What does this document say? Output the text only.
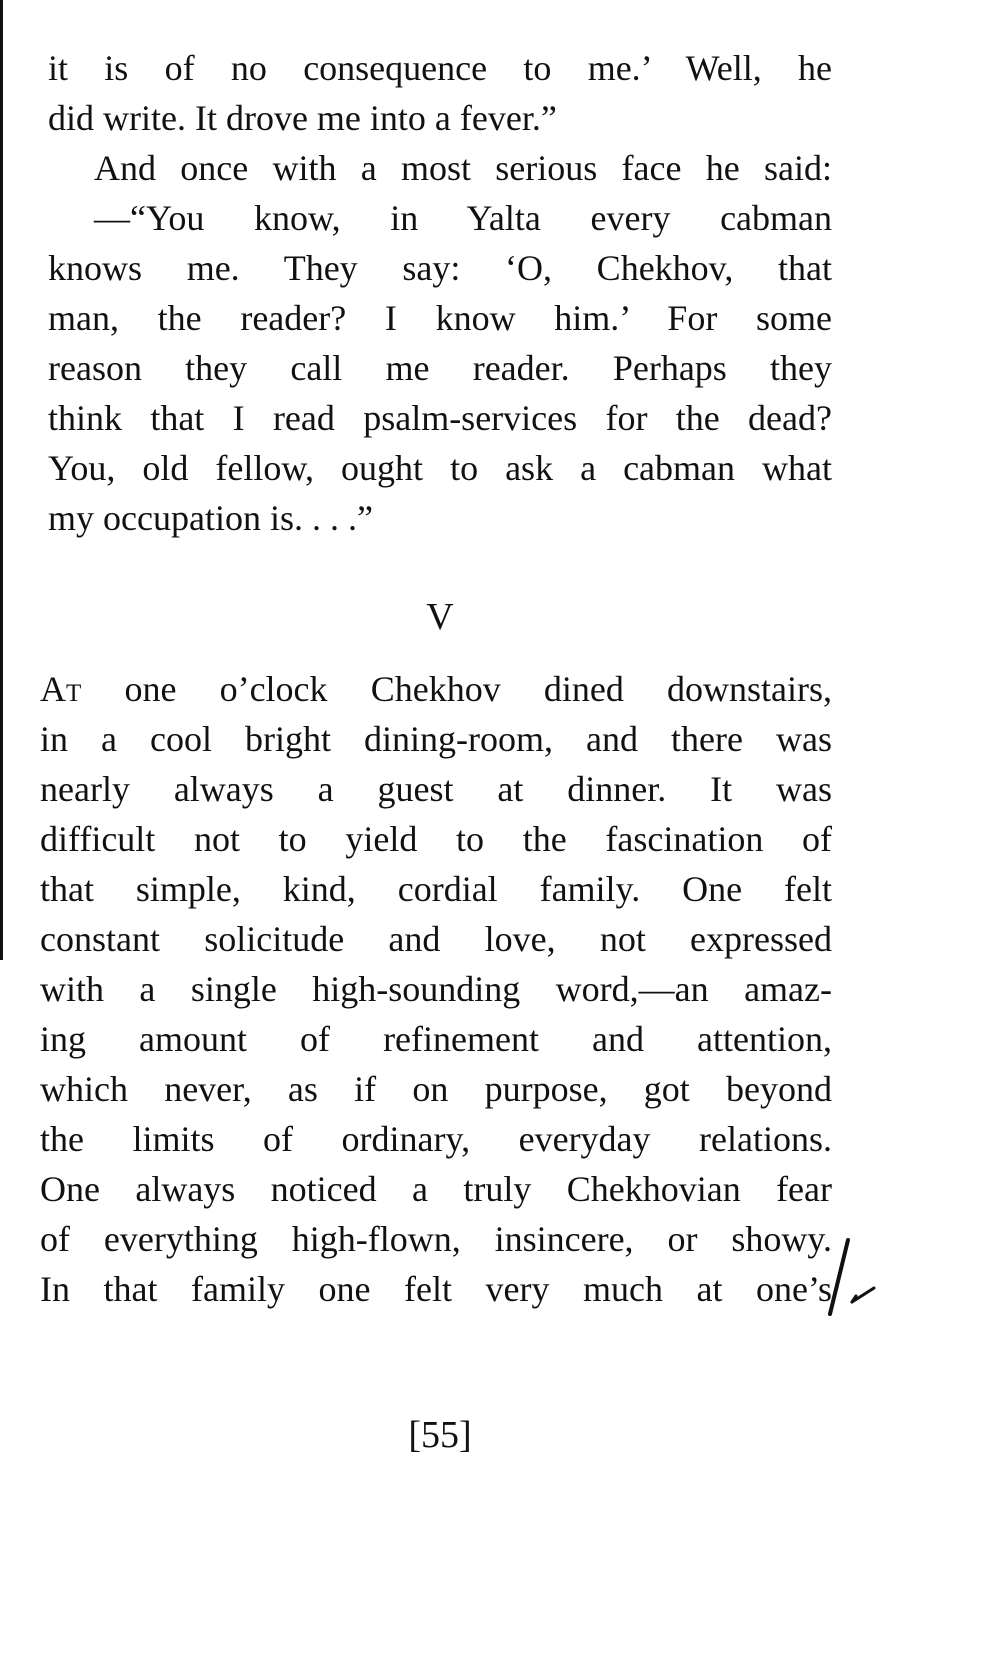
it is of no consequence to me.’ Well, he
did write. It drove me into a fever.”
And once with a most serious face he said:
—“You know, in Yalta every cabman
knows me. They say: ‘O, Chekhov, that
man, the reader? I know him.’ For some
reason they call me reader. Perhaps they
think that I read psalm-services for the dead?
You, old fellow, ought to ask a cabman what
my occupation is. . . .”
V
At one o’clock Chekhov dined downstairs,
in a cool bright dining-room, and there was
nearly always a guest at dinner. It was
difficult not to yield to the fascination of
that simple, kind, cordial family. One felt
constant solicitude and love, not expressed
with a single high-sounding word,—an amaz-
ing amount of refinement and attention,
which never, as if on purpose, got beyond
the limits of ordinary, everyday relations.
One always noticed a truly Chekhovian fear
of everything high-flown, insincere, or showy.
In that family one felt very much at one’s
[55]
